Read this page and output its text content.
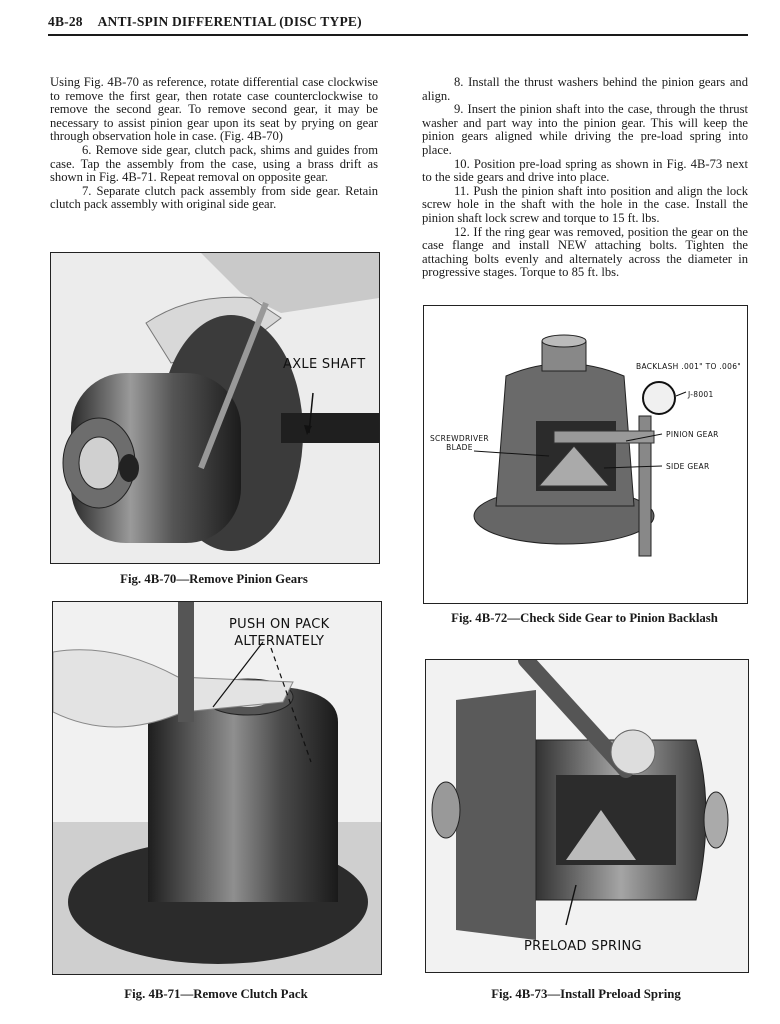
4B-28 ANTI-SPIN DIFFERENTIAL (DISC TYPE)

Using Fig. 4B-70 as reference, rotate differential case clockwise to remove the first gear, then rotate case counterclockwise to remove the second gear. To remove second gear, it may be necessary to assist pinion gear upon its seat by prying on gear through observation hole in case. (Fig. 4B-70)

6. Remove side gear, clutch pack, shims and guides from case. Tap the assembly from the case, using a brass drift as shown in Fig. 4B-71. Repeat removal on opposite gear.

7. Separate clutch pack assembly from side gear. Retain clutch pack assembly with original side gear.

8. Install the thrust washers behind the pinion gears and align.

9. Insert the pinion shaft into the case, through the thrust washer and part way into the pinion gear. This will keep the pinion gears aligned while driving the pre-load spring into place.

10. Position pre-load spring as shown in Fig. 4B-73 next to the side gears and drive into place.

11. Push the pinion shaft into position and align the lock screw hole in the shaft with the hole in the case. Install the pinion shaft lock screw and torque to 15 ft. lbs.

12. If the ring gear was removed, position the gear on the case flange and install NEW attaching bolts. Tighten the attaching bolts evenly and alternately across the diameter in progressive stages. Torque to 85 ft. lbs.

AXLE SHAFT
Fig. 4B-70—Remove Pinion Gears
PUSH ON PACK
ALTERNATELY
Fig. 4B-71—Remove Clutch Pack
BACKLASH .001" TO .006"
J-8001
SCREWDRIVER
BLADE
PINION GEAR
SIDE GEAR
Fig. 4B-72—Check Side Gear to Pinion Backlash
PRELOAD SPRING
Fig. 4B-73—Install Preload Spring
